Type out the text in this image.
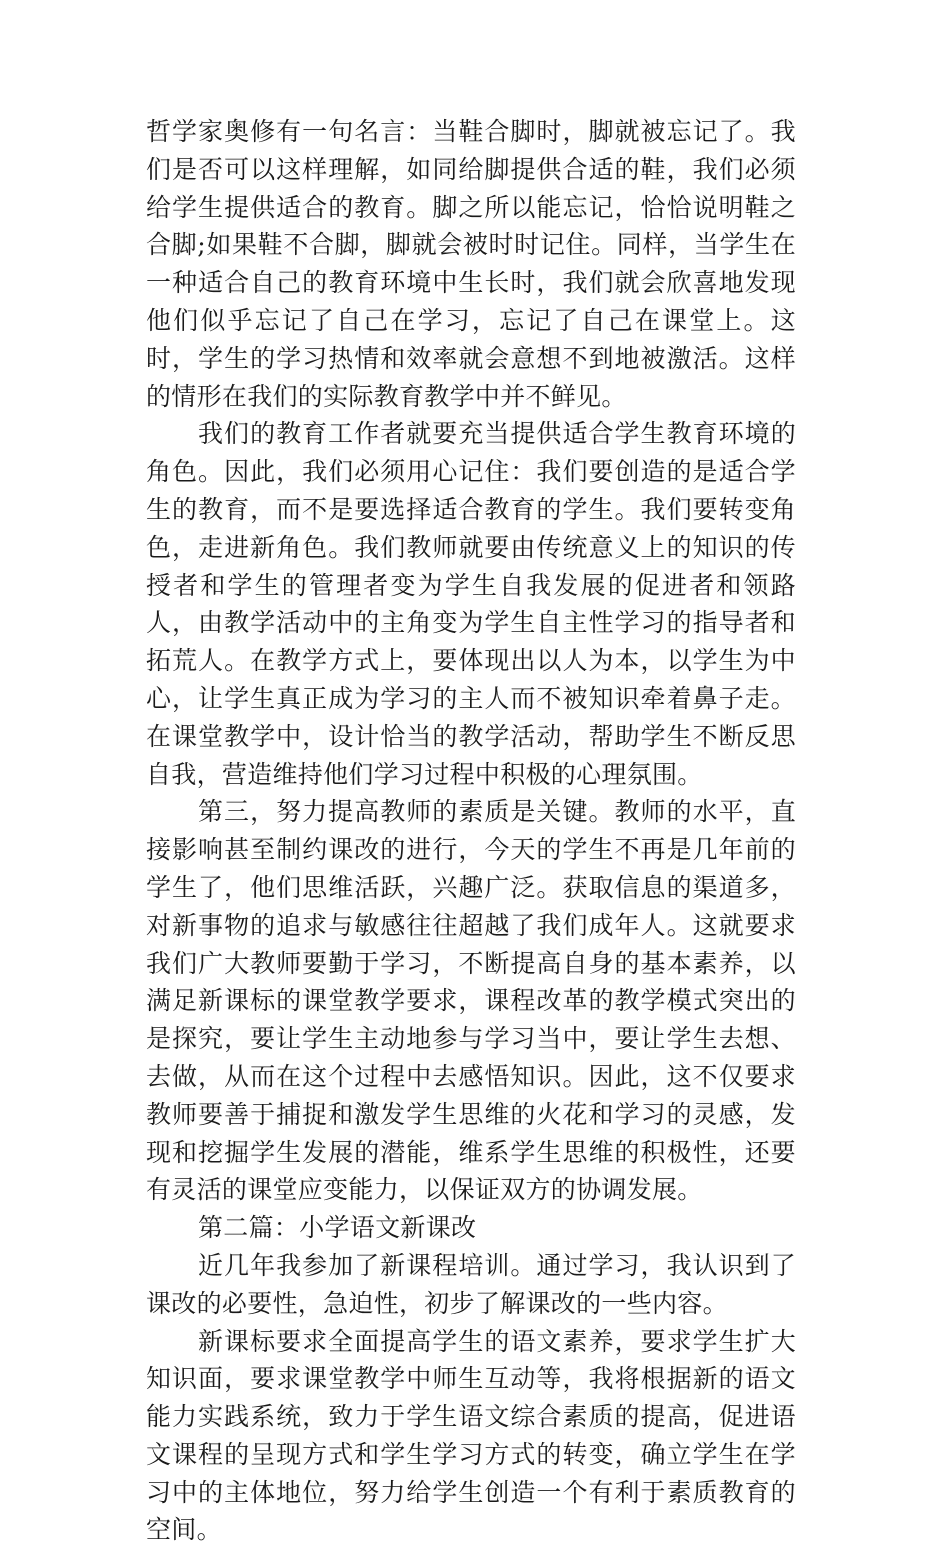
哲学家奥修有一句名言：当鞋合脚时，脚就被忘记了。我们是否可以这样理解，如同给脚提供合适的鞋，我们必须给学生提供适合的教育。脚之所以能忘记，恰恰说明鞋之合脚;如果鞋不合脚，脚就会被时时记住。同样，当学生在一种适合自己的教育环境中生长时，我们就会欣喜地发现他们似乎忘记了自己在学习，忘记了自己在课堂上。这时，学生的学习热情和效率就会意想不到地被激活。这样的情形在我们的实际教育教学中并不鲜见。

我们的教育工作者就要充当提供适合学生教育环境的角色。因此，我们必须用心记住：我们要创造的是适合学生的教育，而不是要选择适合教育的学生。我们要转变角色，走进新角色。我们教师就要由传统意义上的知识的传授者和学生的管理者变为学生自我发展的促进者和领路人，由教学活动中的主角变为学生自主性学习的指导者和拓荒人。在教学方式上，要体现出以人为本，以学生为中心，让学生真正成为学习的主人而不被知识牵着鼻子走。在课堂教学中，设计恰当的教学活动，帮助学生不断反思自我，营造维持他们学习过程中积极的心理氛围。

第三，努力提高教师的素质是关键。教师的水平，直接影响甚至制约课改的进行，今天的学生不再是几年前的学生了，他们思维活跃，兴趣广泛。获取信息的渠道多，对新事物的追求与敏感往往超越了我们成年人。这就要求我们广大教师要勤于学习，不断提高自身的基本素养，以满足新课标的课堂教学要求，课程改革的教学模式突出的是探究，要让学生主动地参与学习当中，要让学生去想、去做，从而在这个过程中去感悟知识。因此，这不仅要求教师要善于捕捉和激发学生思维的火花和学习的灵感，发现和挖掘学生发展的潜能，维系学生思维的积极性，还要有灵活的课堂应变能力，以保证双方的协调发展。

第二篇：小学语文新课改

近几年我参加了新课程培训。通过学习，我认识到了课改的必要性，急迫性，初步了解课改的一些内容。

新课标要求全面提高学生的语文素养，要求学生扩大知识面，要求课堂教学中师生互动等，我将根据新的语文能力实践系统，致力于学生语文综合素质的提高，促进语文课程的呈现方式和学生学习方式的转变，确立学生在学习中的主体地位，努力给学生创造一个有利于素质教育的空间。
